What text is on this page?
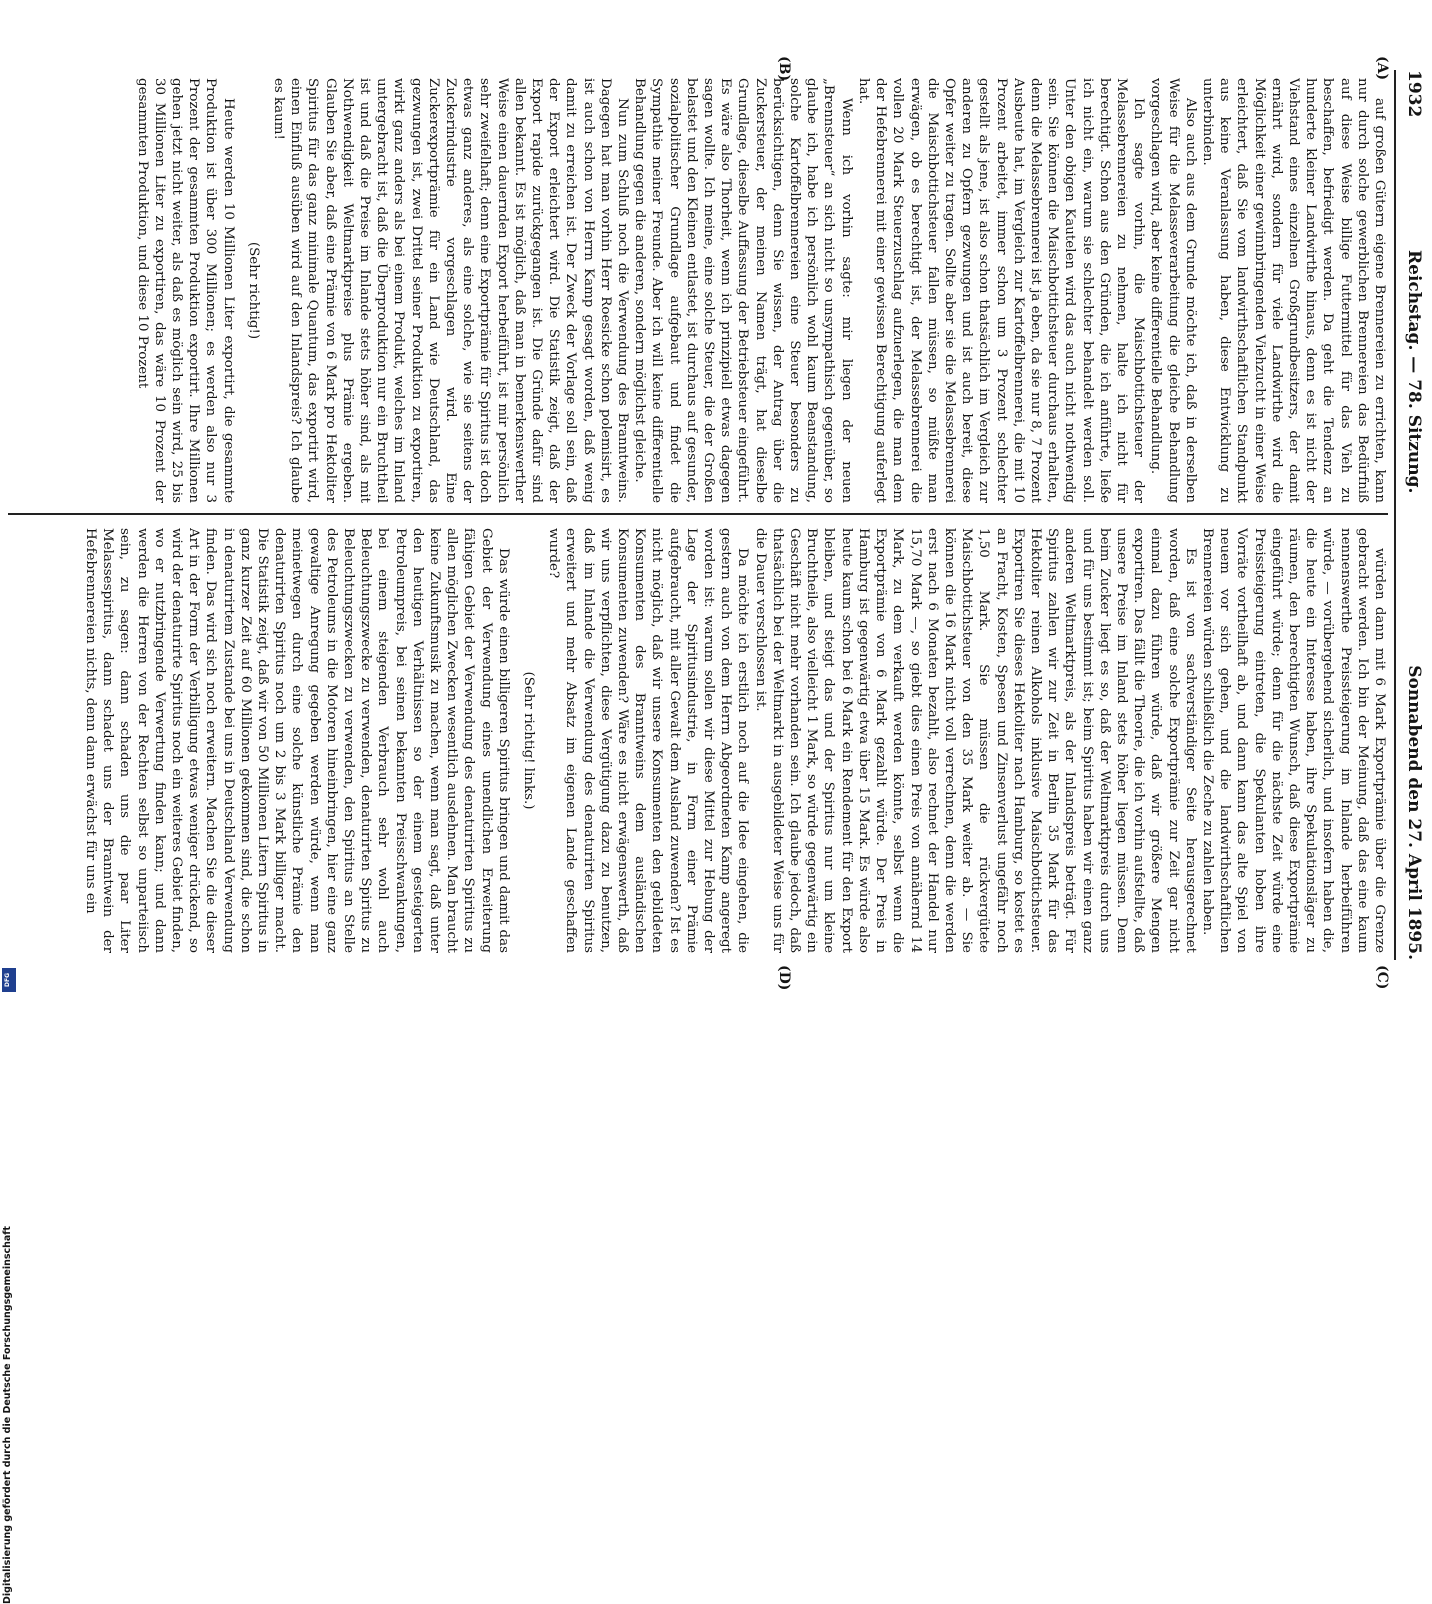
1932
Reichstag. — 78. Sitzung.
Sonnabend den 27. April 1895.
(A)
(B)
(C)
(D)

auf großen Gütern eigene Brennereien zu errichten, kann nur durch solche gewerblichen Brennereien das Bedürfniß auf diese Weise billige Futtermittel für das Vieh zu beschaffen, befriedigt werden. Da geht die Tendenz an hunderte kleiner Landwirthe hinaus, denn es ist nicht der Viehstand eines einzelnen Großgrundbesitzers, der damit ernährt wird, sondern für viele Landwirthe wird die Möglichkeit einer gewinnbringenden Viehzucht in einer Weise erleichtert, daß Sie vom landwirthschaftlichen Standpunkt aus keine Veranlassung haben, diese Entwicklung zu unterbinden.

Also auch aus dem Grunde möchte ich, daß in derselben Weise für die Melasseverarbeitung die gleiche Behandlung vorgeschlagen wird, aber keine differentielle Behandlung.

Ich sagte vorhin, die Maischbottichsteuer der Melassebrennereien zu nehmen, halte ich nicht für berechtigt. Schon aus den Gründen, die ich anführte, ließe ich nicht ein, warum sie schlechter behandelt werden soll. Unter den obigen Kautelen wird das auch nicht nothwendig sein. Sie können die Maischbottichsteuer durchaus erhalten, denn die Melassebrennerei ist ja eben, da sie nur 8, 7 Prozent Ausbeute hat, im Vergleich zur Kartoffelbrennerei, die mit 10 Prozent arbeitet, immer schon um 3 Prozent schlechter gestellt als jene, ist also schon thatsächlich im Vergleich zur anderen zu Opfern gezwungen und ist auch bereit, diese Opfer weiter zu tragen. Sollte aber sie die Melassebrennerei die Maischbottichsteuer fallen müssen, so müßte man erwägen, ob es berechtigt ist, der Melassebrennerei die vollen 20 Mark Steuerzuschlag aufzuerlegen, die man dem der Hefebrennerei mit einer gewissen Berechtigung auferlegt hat.

Wenn ich vorhin sagte: mir liegen der neuen „Brennsteuer“ an sich nicht so unsympathisch gegenüber, so glaube ich, habe ich persönlich wohl kaum Beanstandung, solche Kartoffelbrennereien eine Steuer besonders zu berücksichtigen, denn Sie wissen, der Antrag über die Zuckersteuer, der meinen Namen trägt, hat dieselbe Grundlage, dieselbe Auffassung der Betriebsteuer eingeführt. Es wäre also Thorheit, wenn ich prinzipiell etwas dagegen sagen wollte. Ich meine, eine solche Steuer, die der Großen belastet und den Kleinen entlastet, ist durchaus auf gesunder, sozialpolitischer Grundlage aufgebaut und findet die Sympathie meiner Freunde. Aber ich will keine differentielle Behandlung gegen die anderen, sondern möglichst gleiche.

Nun zum Schluß noch die Verwendung des Branntweins. Dagegen hat man vorhin Herr Roesicke schon polemisirt, es ist auch schon von Herrn Kamp gesagt worden, daß wenig damit zu erreichen ist. Der Zweck der Vorlage soll sein, daß der Export erleichtert wird. Die Statistik zeigt, daß der Export rapide zurückgegangen ist. Die Gründe dafür sind allen bekannt. Es ist möglich, daß man in bemerkenswerther Weise einen dauernden Export herbeiführt, ist mir persönlich sehr zweifelhaft; denn eine Exportprämie für Spiritus ist doch etwas ganz anderes, als eine solche, wie sie seitens der Zuckerindustrie vorgeschlagen wird. Eine Zuckerexportprämie für ein Land wie Deutschland, das gezwungen ist, zwei Drittel seiner Produktion zu exportiren, wirkt ganz anders als bei einem Produkt, welches im Inland untergebracht ist, daß die Überproduktion nur ein Bruchtheil ist und daß die Preise im Inlande stets höher sind, als mit Nothwendigkeit Weltmarktpreise plus Prämie ergeben. Glauben Sie aber, daß eine Prämie von 6 Mark pro Hektoliter Spiritus für das ganz minimale Quantum, das exportirt wird, einen Einfluß ausüben wird auf den Inlandspreis? Ich glaube es kaum!

(Sehr richtig!)

Heute werden 10 Millionen Liter exportirt, die gesammte Produktion ist über 300 Millionen; es werden also nur 3 Prozent der gesammten Produktion exportirt. Ihre Millionen gehen jetzt nicht weiter, als daß es möglich sein wird, 25 bis 30 Millionen Liter zu exportiren, das wäre 10 Prozent der gesammten Produktion, und diese 10 Prozent

würden dann mit 6 Mark Exportprämie über die Grenze gebracht werden. Ich bin der Meinung, daß das eine kaum nennenswerthe Preissteigerung im Inlande herbeiführen würde, — vorübergehend sicherlich, und insofern haben die, die heute ein Interesse haben, ihre Spekulationsläger zu räumen, den berechtigten Wunsch, daß diese Exportprämie eingeführt würde; denn für die nächste Zeit würde eine Preissteigerung eintreten, die Spekulanten hoben ihre Vorräte vortheilhaft ab, und dann kann das alte Spiel von neuem vor sich gehen, und die landwirthschaftlichen Brennereien würden schließlich die Zeche zu zahlen haben.

Es ist von sachverständiger Seite herausgerechnet worden, daß eine solche Exportprämie zur Zeit gar nicht einmal dazu führen würde, daß wir größere Mengen exportiren. Das fällt die Theorie, die ich vorhin aufstellte, daß unsere Preise im Inland stets höher liegen müssen. Denn beim Zucker liegt es so, daß der Weltmarktpreis durch uns und für uns bestimmt ist; beim Spiritus haben wir einen ganz anderen Weltmarktpreis, als der Inlandspreis beträgt. Für Spiritus zahlen wir zur Zeit in Berlin 35 Mark für das Hektoliter reinen Alkohols inklusive Maischbottichsteuer. Exportiren Sie dieses Hektoliter nach Hamburg, so kostet es an Fracht, Kosten, Spesen und Zinsenverlust ungefähr noch 1,50 Mark. Sie müssen die rückvergütete Maischbottichsteuer von den 35 Mark weiter ab. — Sie können die 16 Mark nicht voll verrechnen, denn die werden erst nach 6 Monaten bezahlt, also rechnet der Handel nur 15,70 Mark —, so giebt dies einen Preis von annähernd 14 Mark, zu dem verkauft werden könnte, selbst wenn die Exportprämie von 6 Mark gezahlt würde. Der Preis in Hamburg ist gegenwärtig etwa über 15 Mark. Es würde also heute kaum schon bei 6 Mark ein Rendement für den Export bleiben, und steigt das und der Spiritus nur um kleine Bruchtheile, also vielleicht 1 Mark, so würde gegenwärtig ein Geschäft nicht mehr vorhanden sein. Ich glaube jedoch, daß thatsächlich bei der Weltmarkt in ausgebildeter Weise uns für die Dauer verschlossen ist.

Da möchte ich erstlich noch auf die Idee eingehen, die gestern auch von dem Herrn Abgeordneten Kamp angeregt worden ist: warum sollen wir diese Mittel zur Hebung der Lage der Spiritusindustrie, in Form einer Prämie aufgebraucht, mit aller Gewalt dem Ausland zuwenden? Ist es nicht möglich, daß wir unsere Konsumenten den gebildeten Konsumenten des Branntweins dem ausländischen Konsumenten zuwenden? Wäre es nicht erwägenswerth, daß wir uns verpflichten, diese Vergütigung dazu zu benutzen, daß im Inlande die Verwendung des denaturirten Spiritus erweitert und mehr Absatz im eigenen Lande geschaffen wurde?

(Sehr richtig! links.)

Das würde einen billigeren Spiritus bringen und damit das Gebiet der Verwendung eines unendlichen Erweiterung fähigen Gebiet der Verwendung des denaturirten Spiritus zu allen möglichen Zwecken wesentlich ausdehnen. Man braucht keine Zukunftsmusik zu machen, wenn man sagt, daß unter den heutigen Verhältnissen so der einem gesteigerten Petroleumpreis, bei seinen bekannten Preisschwankungen, bei einem steigenden Verbrauch sehr wohl auch Beleuchtungszwecke zu verwenden, denaturirten Spiritus zu Beleuchtungszwecken zu verwenden, den Spiritus an Stelle des Petroleums in die Motoren hineinbringen, hier eine ganz gewaltige Anregung gegeben werden würde, wenn man meinetwegen durch eine solche künstliche Prämie den denaturirten Spiritus noch um 2 bis 3 Mark billiger macht. Die Statistik zeigt, daß wir von 50 Millionen Litern Spiritus in ganz kurzer Zeit auf 60 Millionen gekommen sind, die schon in denaturirtem Zustande bei uns in Deutschland Verwendung finden. Das wird sich noch erweitern. Machen Sie die dieser Art in der Form der Verbilligung etwas weniger drückend, so wird der denaturirte Spiritus noch ein weiteres Gebiet finden, wo er nutzbringende Verwertung finden kann; und dann werden die Herren von der Rechten selbst so unparteiisch sein, zu sagen: dann schaden uns die paar Liter Melassespiritus, dann schadet uns der Branntwein der Hefebrennereien nichts, denn dann erwächst für uns ein

Digitalisierung gefördert durch die Deutsche Forschungsgemeinschaft
DFG
